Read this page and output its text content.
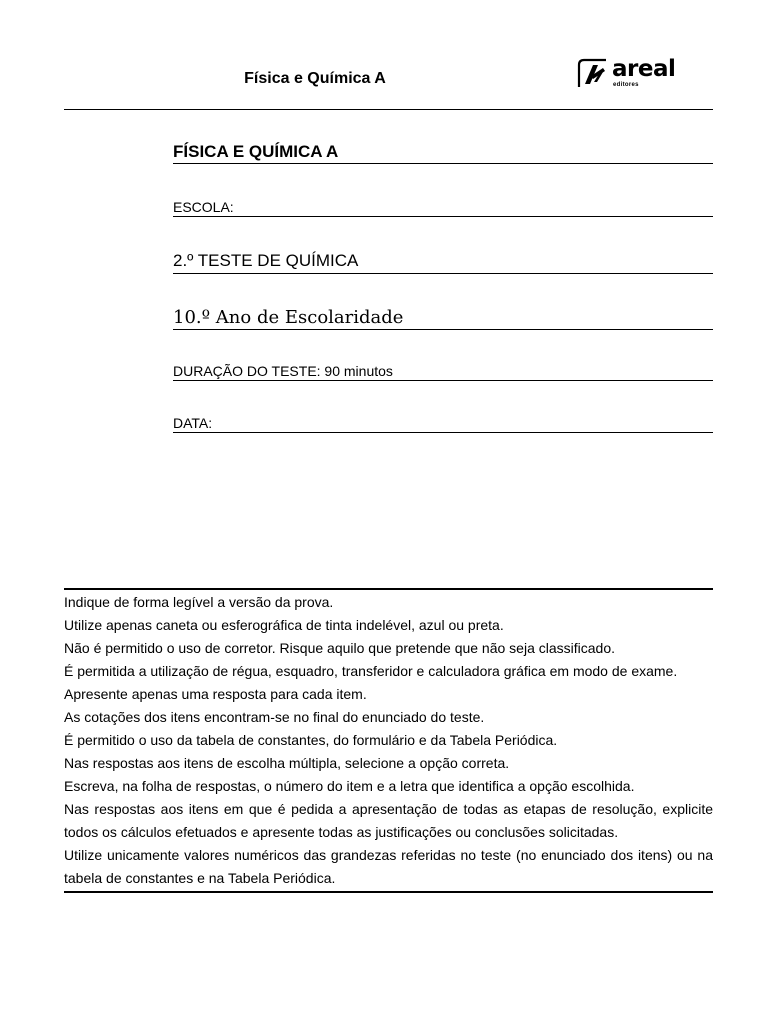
Física e Química A	areal
editores
FÍSICA E QUÍMICA A
ESCOLA:
2.º TESTE DE QUÍMICA
10.º Ano de Escolaridade
DURAÇÃO DO TESTE: 90 minutos
DATA:

Indique de forma legível a versão da prova.

Utilize apenas caneta ou esferográfica de tinta indelével, azul ou preta.

Não é permitido o uso de corretor. Risque aquilo que pretende que não seja classificado.

É permitida a utilização de régua, esquadro, transferidor e calculadora gráfica em modo de exame.

Apresente apenas uma resposta para cada item.

As cotações dos itens encontram-se no final do enunciado do teste.

É permitido o uso da tabela de constantes, do formulário e da Tabela Periódica.

Nas respostas aos itens de escolha múltipla, selecione a opção correta.

Escreva, na folha de respostas, o número do item e a letra que identifica a opção escolhida.

Nas respostas aos itens em que é pedida a apresentação de todas as etapas de resolução, explicite todos os cálculos efetuados e apresente todas as justificações ou conclusões solicitadas.

Utilize unicamente valores numéricos das grandezas referidas no teste (no enunciado dos itens) ou na tabela de constantes e na Tabela Periódica.
